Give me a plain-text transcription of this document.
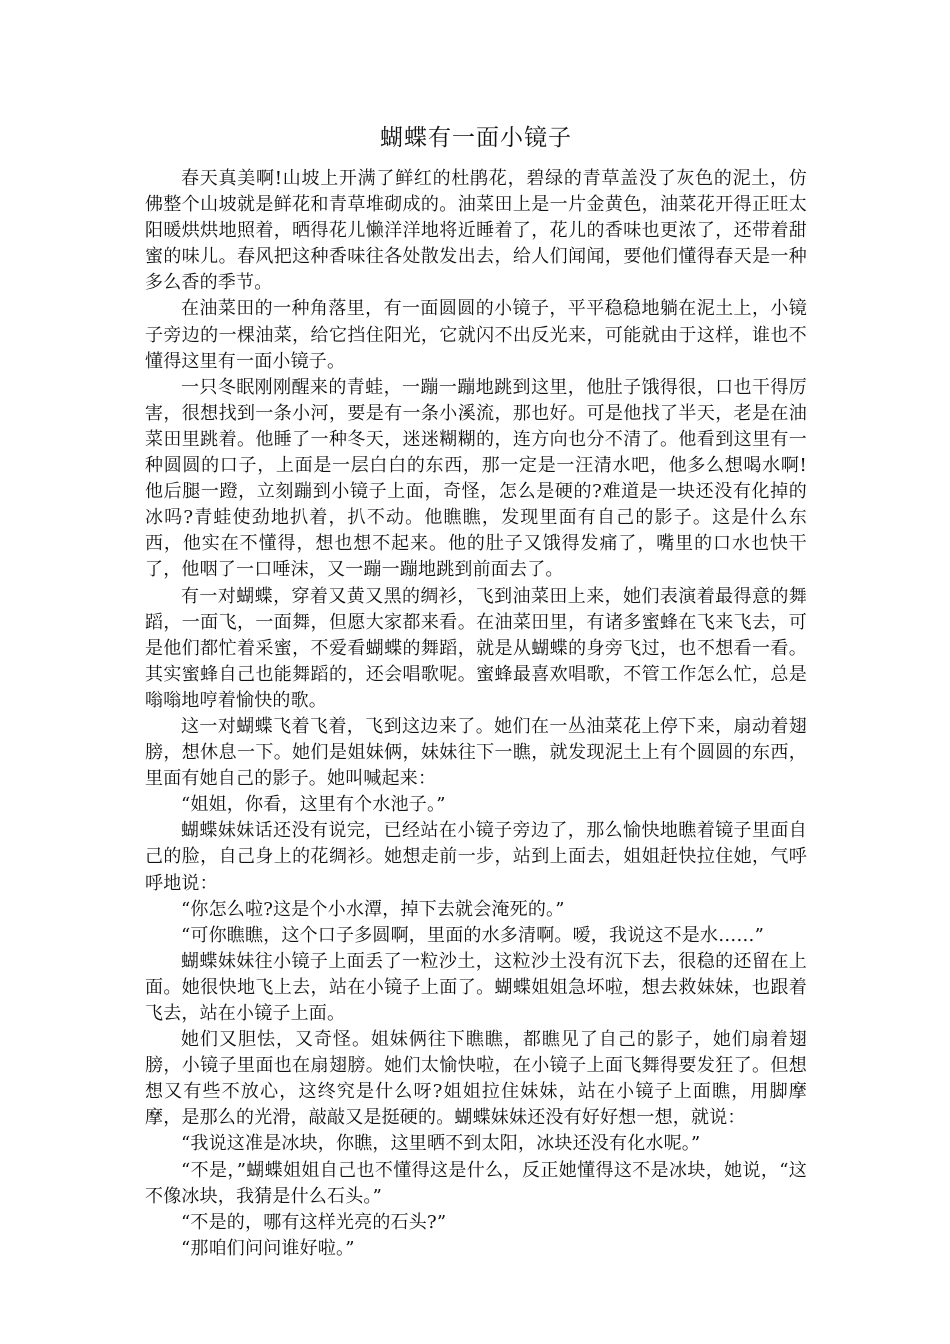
蝴蝶有一面小镜子

春天真美啊!山坡上开满了鲜红的杜鹃花，碧绿的青草盖没了灰色的泥土，仿佛整个山坡就是鲜花和青草堆砌成的。油菜田上是一片金黄色，油菜花开得正旺太阳暖烘烘地照着，晒得花儿懒洋洋地将近睡着了，花儿的香味也更浓了，还带着甜蜜的味儿。春风把这种香味往各处散发出去，给人们闻闻，要他们懂得春天是一种多么香的季节。

在油菜田的一种角落里，有一面圆圆的小镜子，平平稳稳地躺在泥土上，小镜子旁边的一棵油菜，给它挡住阳光，它就闪不出反光来，可能就由于这样，谁也不懂得这里有一面小镜子。

一只冬眠刚刚醒来的青蛙，一蹦一蹦地跳到这里，他肚子饿得很，口也干得厉害，很想找到一条小河，要是有一条小溪流，那也好。可是他找了半天，老是在油菜田里跳着。他睡了一种冬天，迷迷糊糊的，连方向也分不清了。他看到这里有一种圆圆的口子，上面是一层白白的东西，那一定是一汪清水吧，他多么想喝水啊!他后腿一蹬，立刻蹦到小镜子上面，奇怪，怎么是硬的?难道是一块还没有化掉的冰吗?青蛙使劲地扒着，扒不动。他瞧瞧，发现里面有自己的影子。这是什么东西，他实在不懂得，想也想不起来。他的肚子又饿得发痛了，嘴里的口水也快干了，他咽了一口唾沫，又一蹦一蹦地跳到前面去了。

有一对蝴蝶，穿着又黄又黑的绸衫，飞到油菜田上来，她们表演着最得意的舞蹈，一面飞，一面舞，但愿大家都来看。在油菜田里，有诸多蜜蜂在飞来飞去，可是他们都忙着采蜜，不爱看蝴蝶的舞蹈，就是从蝴蝶的身旁飞过，也不想看一看。其实蜜蜂自己也能舞蹈的，还会唱歌呢。蜜蜂最喜欢唱歌，不管工作怎么忙，总是嗡嗡地哼着愉快的歌。

这一对蝴蝶飞着飞着，飞到这边来了。她们在一丛油菜花上停下来，扇动着翅膀，想休息一下。她们是姐妹俩，妹妹往下一瞧，就发现泥土上有个圆圆的东西，里面有她自己的影子。她叫喊起来：

“姐姐，你看，这里有个水池子。”

蝴蝶妹妹话还没有说完，已经站在小镜子旁边了，那么愉快地瞧着镜子里面自己的脸，自己身上的花绸衫。她想走前一步，站到上面去，姐姐赶快拉住她，气呼呼地说：

“你怎么啦?这是个小水潭，掉下去就会淹死的。”

“可你瞧瞧，这个口子多圆啊，里面的水多清啊。嗳，我说这不是水……”

蝴蝶妹妹往小镜子上面丢了一粒沙土，这粒沙土没有沉下去，很稳的还留在上面。她很快地飞上去，站在小镜子上面了。蝴蝶姐姐急坏啦，想去救妹妹，也跟着飞去，站在小镜子上面。

她们又胆怯，又奇怪。姐妹俩往下瞧瞧，都瞧见了自己的影子，她们扇着翅膀，小镜子里面也在扇翅膀。她们太愉快啦，在小镜子上面飞舞得要发狂了。但想想又有些不放心，这终究是什么呀?姐姐拉住妹妹，站在小镜子上面瞧，用脚摩摩，是那么的光滑，敲敲又是挺硬的。蝴蝶妹妹还没有好好想一想，就说：

“我说这准是冰块，你瞧，这里晒不到太阳，冰块还没有化水呢。”

“不是，”蝴蝶姐姐自己也不懂得这是什么，反正她懂得这不是冰块，她说，“这不像冰块，我猜是什么石头。”

“不是的，哪有这样光亮的石头?”

“那咱们问问谁好啦。”
